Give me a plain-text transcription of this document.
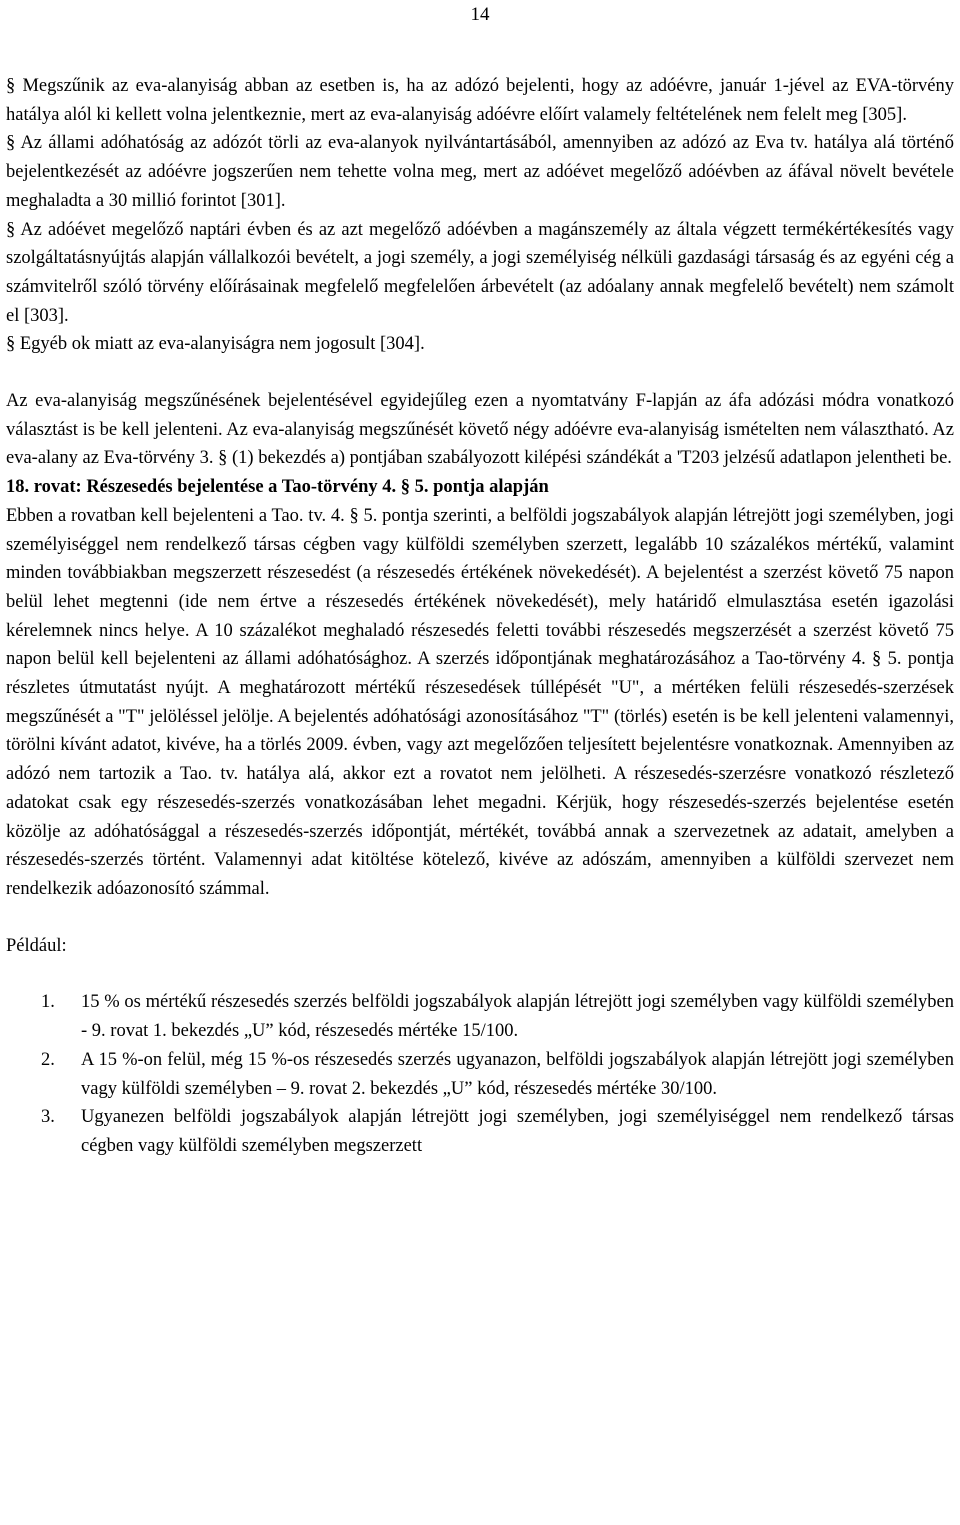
14

§ Megszűnik az eva-alanyiság abban az esetben is, ha az adózó bejelenti, hogy az adóévre, január 1-jével az EVA-törvény hatálya alól ki kellett volna jelentkeznie, mert az eva-alanyiság adóévre előírt valamely feltételének nem felelt meg [305].

§ Az állami adóhatóság az adózót törli az eva-alanyok nyilvántartásából, amennyiben az adózó az Eva tv. hatálya alá történő bejelentkezését az adóévre jogszerűen nem tehette volna meg, mert az adóévet megelőző adóévben az áfával növelt bevétele meghaladta a 30 millió forintot [301].

§ Az adóévet megelőző naptári évben és az azt megelőző adóévben a magánszemély az általa végzett termékértékesítés vagy szolgáltatásnyújtás alapján vállalkozói bevételt, a jogi személy, a jogi személyiség nélküli gazdasági társaság és az egyéni cég a számvitelről szóló törvény előírásainak megfelelő megfelelően árbevételt (az adóalany annak megfelelő bevételt) nem számolt el [303].

§ Egyéb ok miatt az eva-alanyiságra nem jogosult [304].

Az eva-alanyiság megszűnésének bejelentésével egyidejűleg ezen a nyomtatvány F-lapján az áfa adózási módra vonatkozó választást is be kell jelenteni. Az eva-alanyiság megszűnését követő négy adóévre eva-alanyiság ismételten nem választható. Az eva-alany az Eva-törvény 3. § (1) bekezdés a) pontjában szabályozott kilépési szándékát a 'T203 jelzésű adatlapon jelentheti be.

18. rovat: Részesedés bejelentése a Tao-törvény 4. § 5. pontja alapján

Ebben a rovatban kell bejelenteni a Tao. tv. 4. § 5. pontja szerinti, a belföldi jogszabályok alapján létrejött jogi személyben, jogi személyiséggel nem rendelkező társas cégben vagy külföldi személyben szerzett, legalább 10 százalékos mértékű, valamint minden továbbiakban megszerzett részesedést (a részesedés értékének növekedését). A bejelentést a szerzést követő 75 napon belül lehet megtenni (ide nem értve a részesedés értékének növekedését), mely határidő elmulasztása esetén igazolási kérelemnek nincs helye. A 10 százalékot meghaladó részesedés feletti további részesedés megszerzését a szerzést követő 75 napon belül kell bejelenteni az állami adóhatósághoz. A szerzés időpontjának meghatározásához a Tao-törvény 4. § 5. pontja részletes útmutatást nyújt. A meghatározott mértékű részesedések túllépését "U", a mértéken felüli részesedés-szerzések megszűnését a "T" jelöléssel jelölje. A bejelentés adóhatósági azonosításához "T" (törlés) esetén is be kell jelenteni valamennyi, törölni kívánt adatot, kivéve, ha a törlés 2009. évben, vagy azt megelőzően teljesített bejelentésre vonatkoznak. Amennyiben az adózó nem tartozik a Tao. tv. hatálya alá, akkor ezt a rovatot nem jelölheti. A részesedés-szerzésre vonatkozó részletező adatokat csak egy részesedés-szerzés vonatkozásában lehet megadni. Kérjük, hogy részesedés-szerzés bejelentése esetén közölje az adóhatósággal a részesedés-szerzés időpontját, mértékét, továbbá annak a szervezetnek az adatait, amelyben a részesedés-szerzés történt. Valamennyi adat kitöltése kötelező, kivéve az adószám, amennyiben a külföldi szervezet nem rendelkezik adóazonosító számmal.

Például:

1. 15 % os mértékű részesedés szerzés belföldi jogszabályok alapján létrejött jogi személyben vagy külföldi személyben - 9. rovat 1. bekezdés „U” kód, részesedés mértéke 15/100.
2. A 15 %-on felül, még 15 %-os részesedés szerzés ugyanazon, belföldi jogszabályok alapján létrejött jogi személyben vagy külföldi személyben – 9. rovat 2. bekezdés „U” kód, részesedés mértéke 30/100.
3. Ugyanezen belföldi jogszabályok alapján létrejött jogi személyben, jogi személyiséggel nem rendelkező társas cégben vagy külföldi személyben megszerzett
